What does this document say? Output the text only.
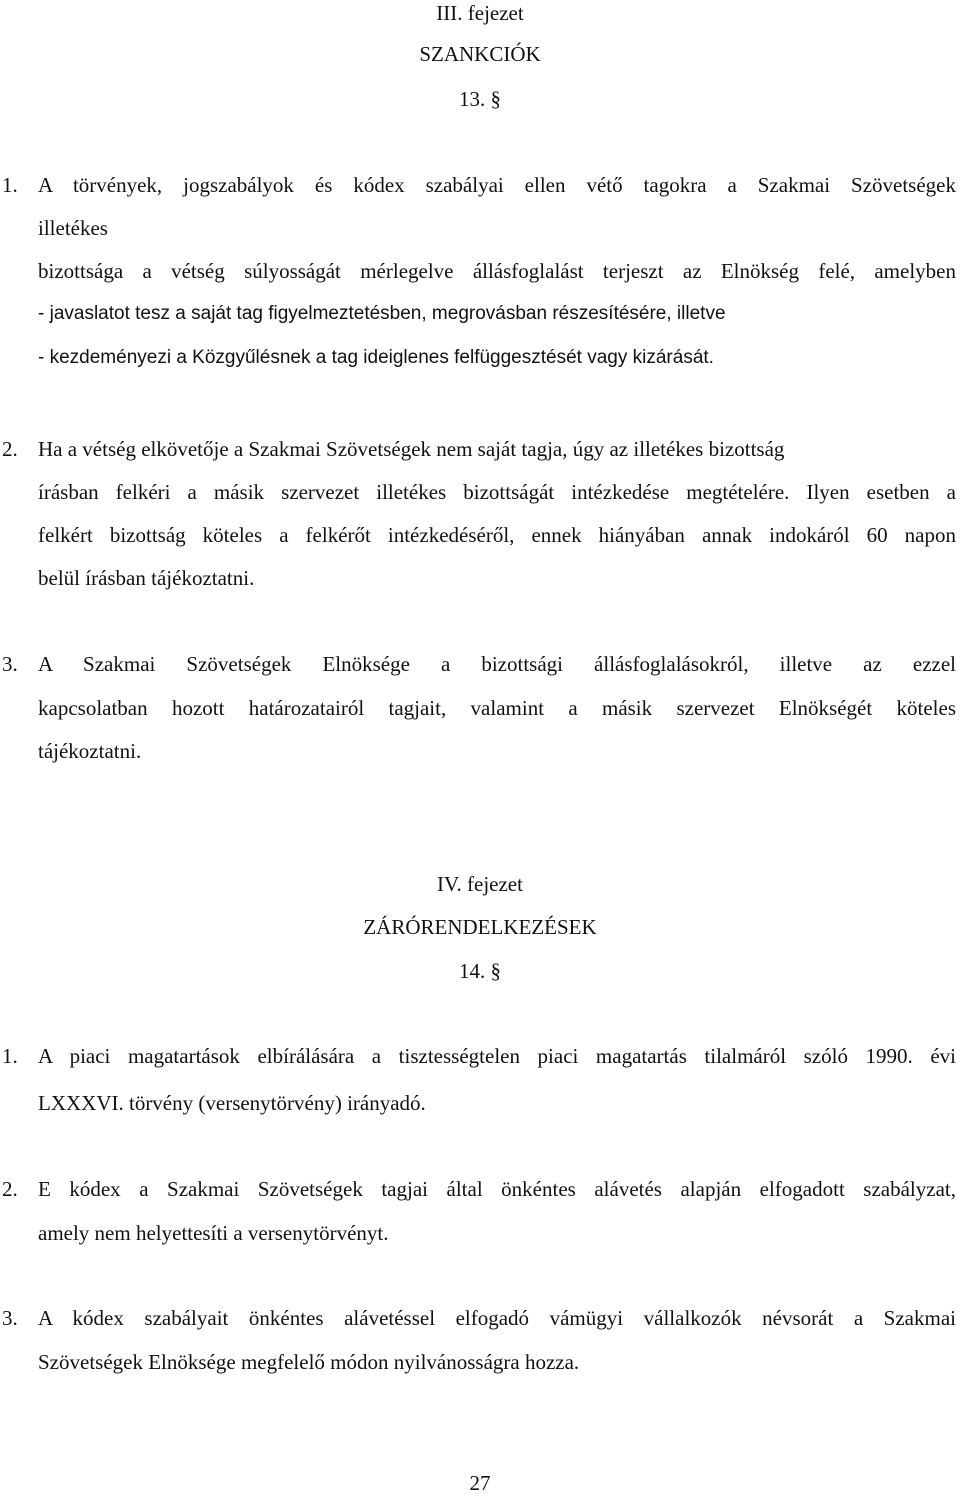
III. fejezet
SZANKCIÓK
13. §
1. A törvények, jogszabályok és kódex szabályai ellen vétő tagokra a Szakmai Szövetségek
illetékes
bizottsága a vétség súlyosságát mérlegelve állásfoglalást terjeszt az Elnökség felé, amelyben
- javaslatot tesz a saját tag figyelmeztetésben, megrovásban részesítésére, illetve
- kezdeményezi a Közgyűlésnek a tag ideiglenes felfüggesztését vagy kizárását.
2. Ha a vétség elkövetője a Szakmai Szövetségek nem saját tagja, úgy az illetékes bizottság
írásban felkéri a másik szervezet illetékes bizottságát intézkedése megtételére. Ilyen esetben a
felkért bizottság köteles a felkérőt intézkedéséről, ennek hiányában annak indokáról 60 napon
belül írásban tájékoztatni.
3. A Szakmai Szövetségek Elnöksége a bizottsági állásfoglalásokról, illetve az ezzel
kapcsolatban hozott határozatairól tagjait, valamint a másik szervezet Elnökségét köteles
tájékoztatni.
IV. fejezet
ZÁRÓRENDELKEZÉSEK
14. §
1. A piaci magatartások elbírálására a tisztességtelen piaci magatartás tilalmáról szóló 1990. évi
LXXXVI. törvény (versenytörvény) irányadó.
2. E kódex a Szakmai Szövetségek tagjai által önkéntes alávetés alapján elfogadott szabályzat,
amely nem helyettesíti a versenytörvényt.
3. A kódex szabályait önkéntes alávetéssel elfogadó vámügyi vállalkozók névsorát a Szakmai
Szövetségek Elnöksége megfelelő módon nyilvánosságra hozza.
27
